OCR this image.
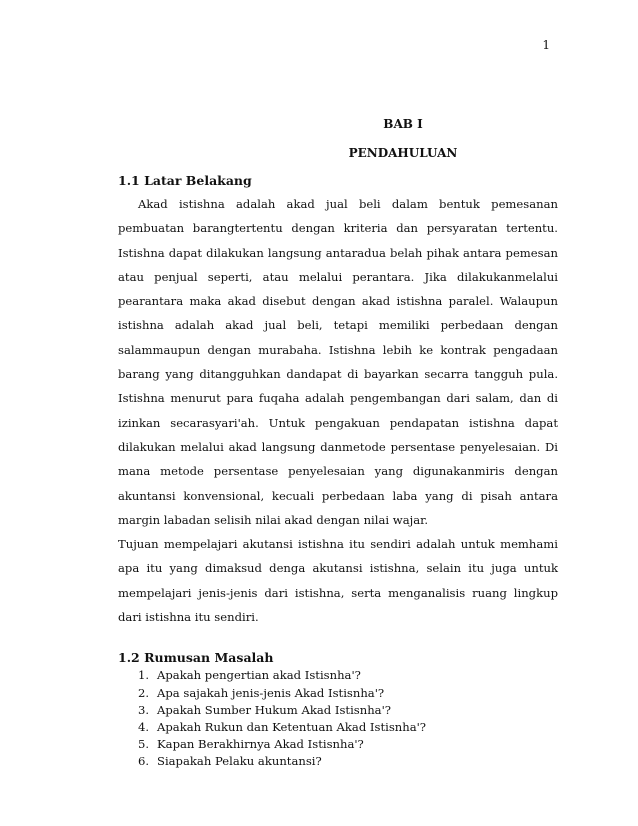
1
BAB I
PENDAHULUAN
1.1 Latar Belakang

Akad istishna adalah akad jual beli dalam bentuk pemesanan pembuatan barangtertentu dengan kriteria dan persyaratan tertentu. Istishna dapat dilakukan langsung antaradua belah pihak antara pemesan atau penjual seperti, atau melalui perantara. Jika dilakukanmelalui pearantara maka akad disebut dengan akad istishna paralel. Walaupun istishna adalah akad jual beli, tetapi memiliki perbedaan dengan salammaupun dengan murabaha. Istishna lebih ke kontrak pengadaan barang yang ditangguhkan dandapat di bayarkan secarra tangguh pula. Istishna menurut para fuqaha adalah pengembangan dari salam, dan di izinkan secarasyari'ah. Untuk pengakuan pendapatan istishna dapat dilakukan melalui akad langsung danmetode persentase penyelesaian. Di mana metode persentase penyelesaian yang digunakanmiris dengan akuntansi konvensional, kecuali perbedaan laba yang di pisah antara margin labadan selisih nilai akad dengan nilai wajar.

Tujuan mempelajari akutansi istishna itu sendiri adalah untuk memhami apa itu yang dimaksud denga akutansi istishna, selain itu juga untuk mempelajari jenis-jenis dari istishna, serta menganalisis ruang lingkup dari istishna itu sendiri.

1.2 Rumusan Masalah
1. Apakah pengertian akad Istisnha'?
2. Apa sajakah jenis-jenis Akad Istisnha'?
3. Apakah Sumber Hukum Akad Istisnha'?
4. Apakah Rukun dan Ketentuan Akad Istisnha'?
5. Kapan Berakhirnya Akad Istisnha'?
6. Siapakah Pelaku akuntansi?
